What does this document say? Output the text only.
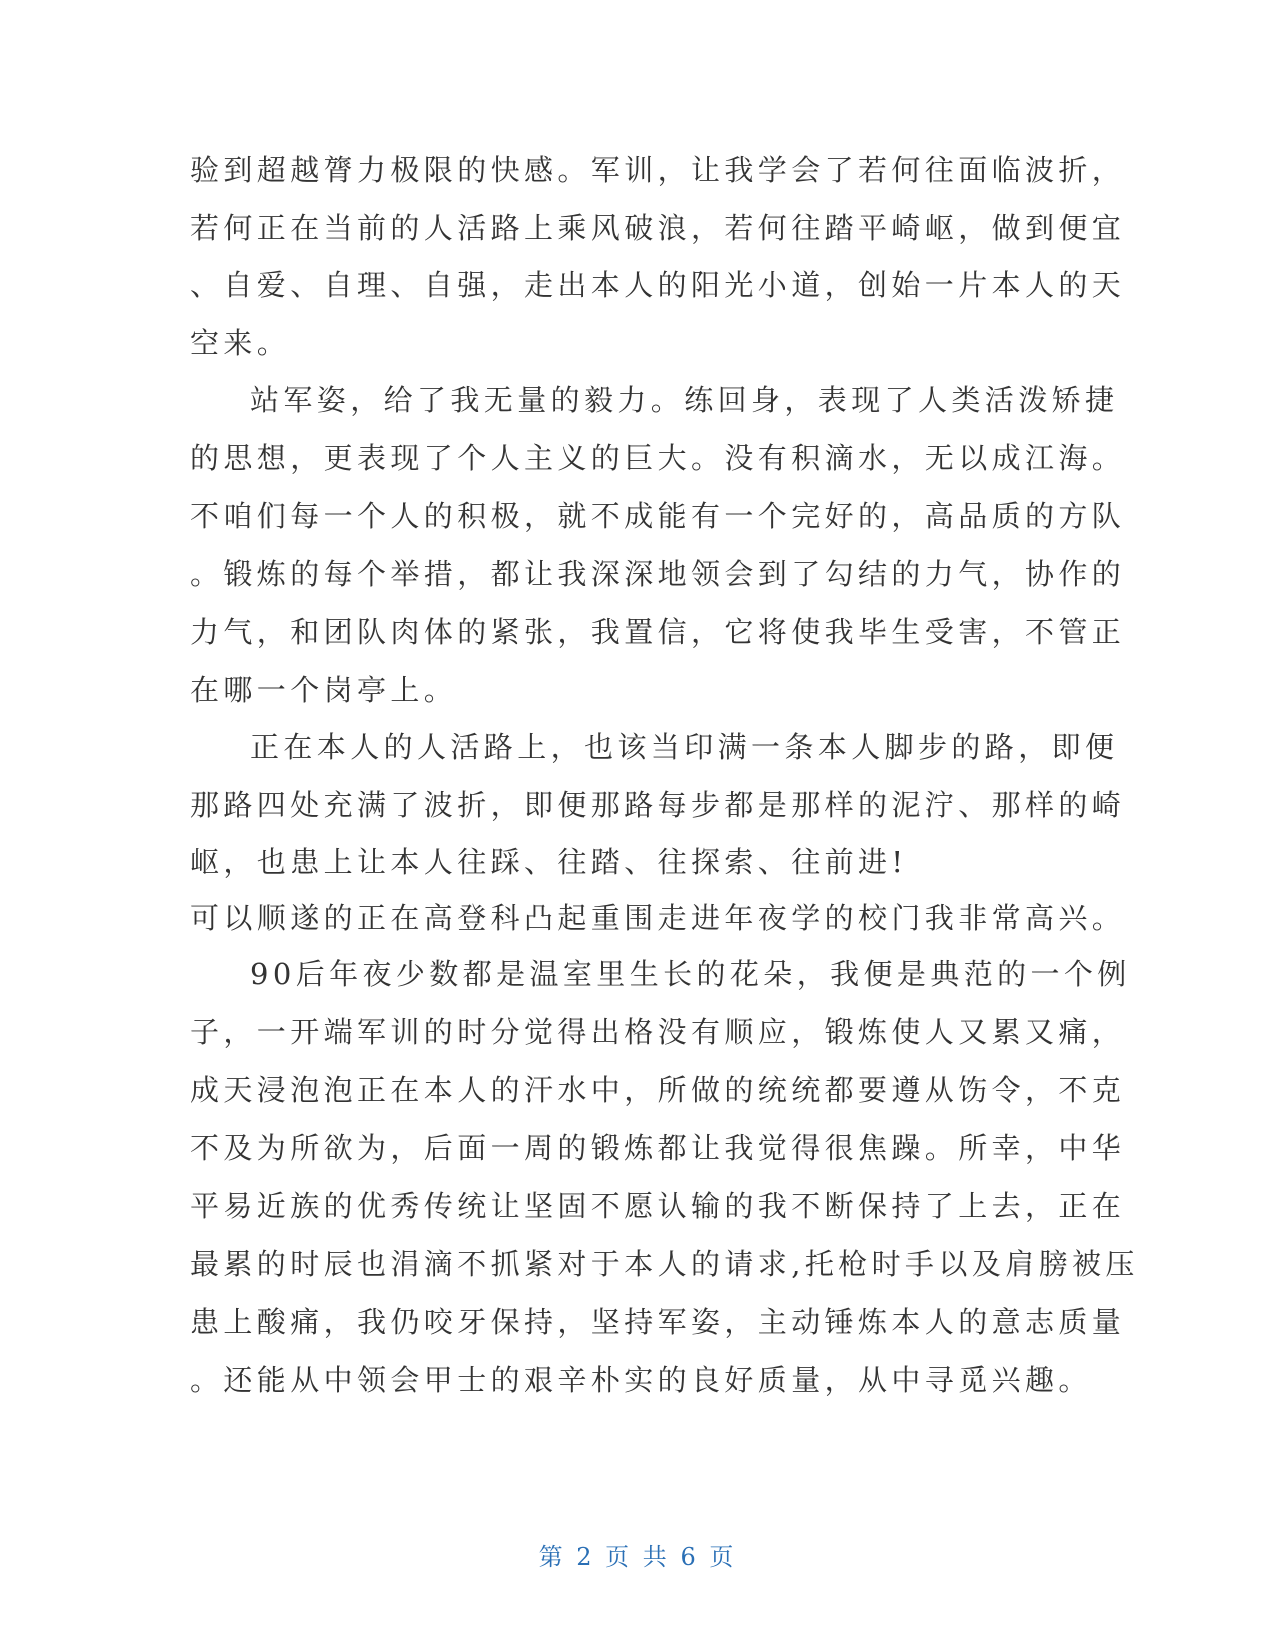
验到超越膂力极限的快感。军训，让我学会了若何往面临波折，
若何正在当前的人活路上乘风破浪，若何往踏平崎岖，做到便宜
、自爱、自理、自强，走出本人的阳光小道，创始一片本人的天
空来。
站军姿，给了我无量的毅力。练回身，表现了人类活泼矫捷
的思想，更表现了个人主义的巨大。没有积滴水，无以成江海。
不咱们每一个人的积极，就不成能有一个完好的，高品质的方队
。锻炼的每个举措，都让我深深地领会到了勾结的力气，协作的
力气，和团队肉体的紧张，我置信，它将使我毕生受害，不管正
在哪一个岗亭上。
正在本人的人活路上，也该当印满一条本人脚步的路，即便
那路四处充满了波折，即便那路每步都是那样的泥泞、那样的崎
岖，也患上让本人往踩、往踏、往探索、往前进!
可以顺遂的正在高登科凸起重围走进年夜学的校门我非常高兴。
90后年夜少数都是温室里生长的花朵，我便是典范的一个例
子，一开端军训的时分觉得出格没有顺应，锻炼使人又累又痛，
成天浸泡泡正在本人的汗水中，所做的统统都要遵从饬令，不克
不及为所欲为，后面一周的锻炼都让我觉得很焦躁。所幸，中华
平易近族的优秀传统让坚固不愿认输的我不断保持了上去，正在
最累的时辰也涓滴不抓紧对于本人的请求,托枪时手以及肩膀被压
患上酸痛，我仍咬牙保持，坚持军姿，主动锤炼本人的意志质量
。还能从中领会甲士的艰辛朴实的良好质量，从中寻觅兴趣。
第 2 页 共 6 页
